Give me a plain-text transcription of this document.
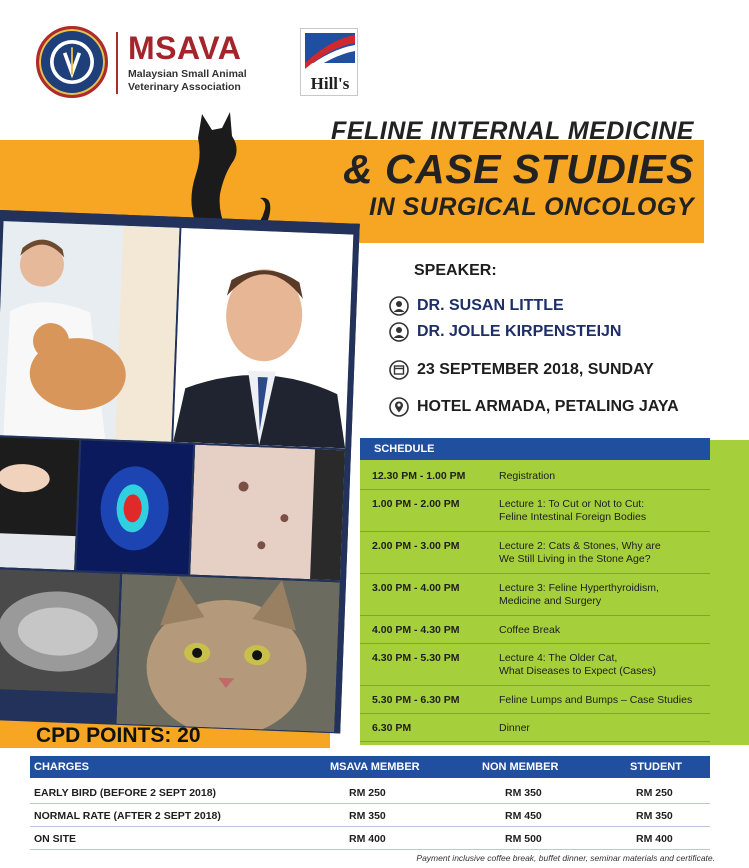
MSAVA
Malaysian Small Animal
Veterinary Association	Hill's
FELINE INTERNAL MEDICINE
& CASE STUDIES
IN SURGICAL ONCOLOGY
SPEAKER:
DR. SUSAN LITTLE
DR. JOLLE KIRPENSTEIJN
23 SEPTEMBER 2018, SUNDAY
HOTEL ARMADA, PETALING JAYA
SCHEDULE
12.30 PM - 1.00 PM	Registration
1.00 PM - 2.00 PM	Lecture 1: To Cut or Not to Cut:
Feline Intestinal Foreign Bodies
2.00 PM - 3.00 PM	Lecture 2: Cats & Stones, Why are
We Still Living in the Stone Age?
3.00 PM - 4.00 PM	Lecture 3: Feline Hyperthyroidism,
Medicine and Surgery
4.00 PM - 4.30 PM	Coffee Break
4.30 PM - 5.30 PM	Lecture 4: The Older Cat,
What Diseases to Expect (Cases)
5.30 PM - 6.30 PM	Feline Lumps and Bumps – Case Studies
6.30 PM	Dinner
CPD POINTS: 20
CHARGES	MSAVA MEMBER	NON MEMBER	STUDENT
EARLY BIRD (BEFORE 2 SEPT 2018)	RM 250	RM 350	RM 250
NORMAL RATE (AFTER 2 SEPT 2018)	RM 350	RM 450	RM 350
ON SITE	RM 400	RM 500	RM 400
Payment inclusive coffee break, buffet dinner, seminar materials and certificate.
